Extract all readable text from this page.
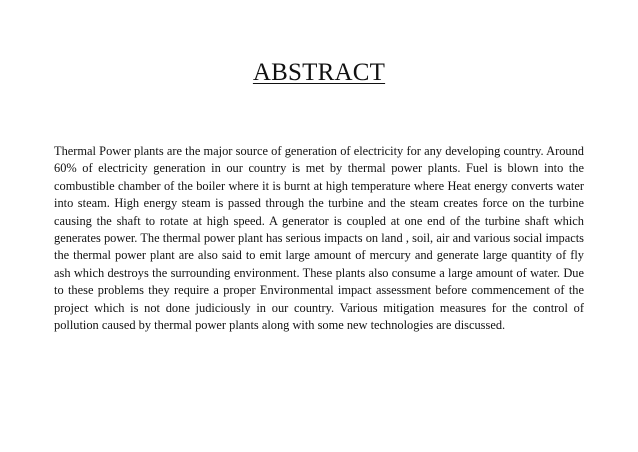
ABSTRACT

Thermal Power plants are the major source of generation of electricity for any developing country. Around 60% of electricity generation in our country is met by thermal power plants. Fuel is blown into the combustible chamber of the boiler where it is burnt at high temperature where Heat energy converts water into steam. High energy steam is passed through the turbine and the steam creates force on the turbine causing the shaft to rotate at high speed. A generator is coupled at one end of the turbine shaft which generates power. The thermal power plant has serious impacts on land , soil, air and various social impacts the thermal power plant are also said to emit large amount of mercury and generate large quantity of fly ash which destroys the surrounding environment. These plants also consume a large amount of water. Due to these problems they require a proper Environmental impact assessment before commencement of the project which is not done judiciously in our country. Various mitigation measures for the control of pollution caused by thermal power plants along with some new technologies are discussed.
